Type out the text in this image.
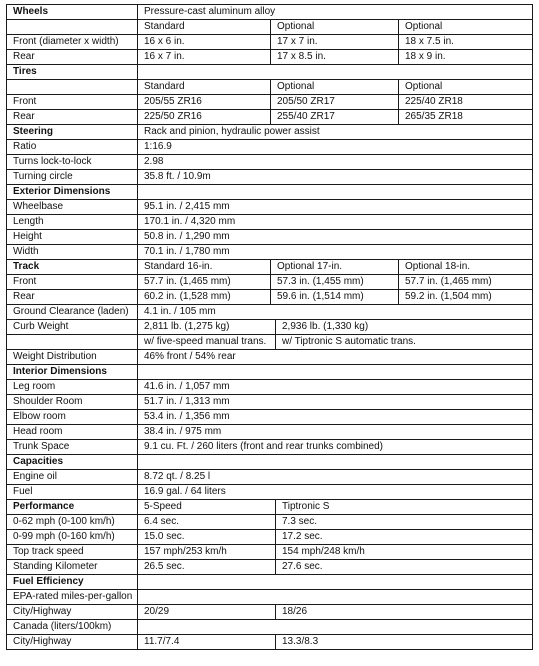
Wheels	Pressure-cast aluminum alloy			
	Standard	Optional		Optional
Front (diameter x width)	16 x 6 in.	17 x 7 in.		18 x 7.5 in.
Rear	16 x 7 in.	17 x 8.5 in.		18 x 9 in.
Tires				
	Standard	Optional		Optional
Front	205/55 ZR16	205/50 ZR17		225/40 ZR18
Rear	225/50 ZR16	255/40 ZR17		265/35 ZR18
Steering	Rack and pinion, hydraulic power assist			
Ratio	1:16.9			
Turns lock-to-lock	2.98			
Turning circle	35.8 ft. / 10.9m			
Exterior Dimensions				
Wheelbase	95.1 in. / 2,415 mm			
Length	170.1 in. / 4,320 mm			
Height	50.8 in. / 1,290 mm			
Width	70.1 in. / 1,780 mm			
Track	Standard 16-in.	Optional 17-in.		Optional 18-in.
Front	57.7 in. (1,465 mm)	57.3 in. (1,455 mm)		57.7 in. (1,465 mm)
Rear	60.2 in. (1,528 mm)	59.6 in. (1,514 mm)		59.2 in. (1,504 mm)
Ground Clearance (laden)	4.1 in. / 105 mm			
Curb Weight	2,811 lb. (1,275 kg)		2,936 lb. (1,330 kg)	
	w/ five-speed manual trans.		w/ Tiptronic S automatic trans.	
Weight Distribution	46% front / 54% rear			
Interior Dimensions				
Leg room	41.6 in. / 1,057 mm			
Shoulder Room	51.7 in. / 1,313 mm			
Elbow room	53.4 in. / 1,356 mm			
Head room	38.4 in. / 975 mm			
Trunk Space	9.1 cu. Ft. / 260 liters (front and rear trunks combined)			
Capacities				
Engine oil	8.72 qt. / 8.25 l			
Fuel	16.9 gal. / 64 liters			
Performance	5-Speed		Tiptronic S	
0-62 mph (0-100 km/h)	6.4 sec.		7.3 sec.	
0-99 mph (0-160 km/h)	15.0 sec.		17.2 sec.	
Top track speed	157 mph/253 km/h		154 mph/248 km/h	
Standing Kilometer	26.5 sec.		27.6 sec.	
Fuel Efficiency				
EPA-rated miles-per-gallon				
City/Highway	20/29		18/26	
Canada (liters/100km)				
City/Highway	11.7/7.4		13.3/8.3	
